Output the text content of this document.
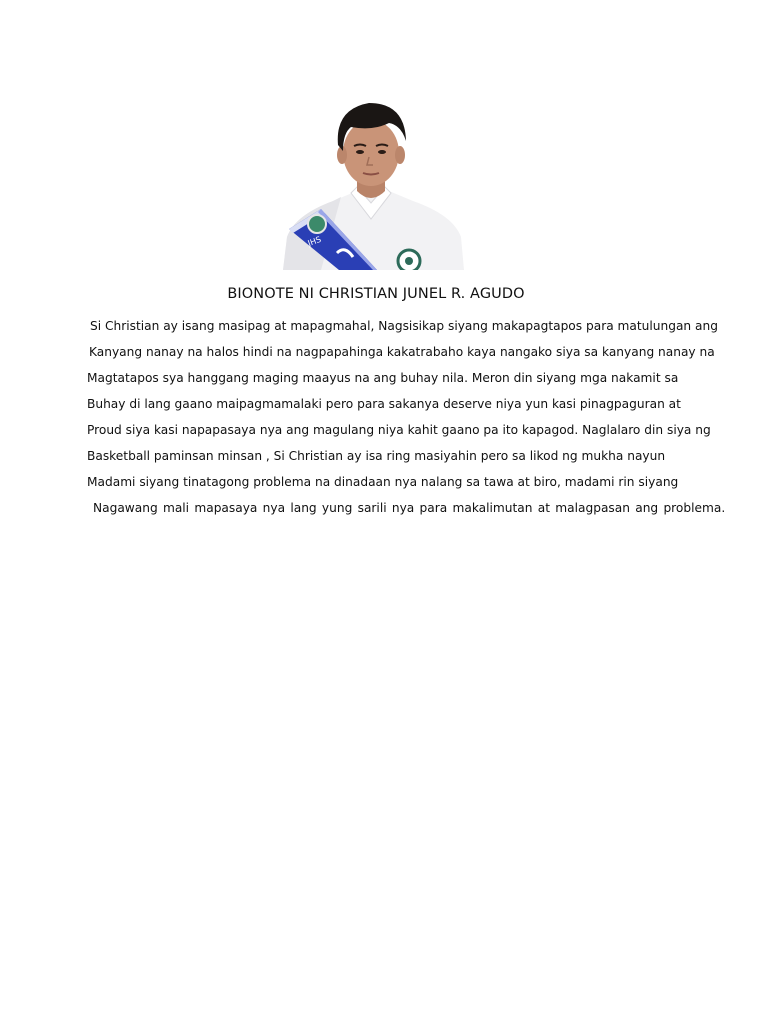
JHS
BIONOTE NI CHRISTIAN JUNEL R. AGUDO
Si Christian ay isang masipag at mapagmahal, Nagsisikap siyang makapagtapos para matulungan ang
Kanyang nanay na halos hindi na nagpapahinga kakatrabaho kaya nangako siya sa kanyang nanay na
Magtatapos sya hanggang maging maayus na ang buhay nila. Meron din siyang mga nakamit sa
Buhay di lang gaano maipagmamalaki pero para sakanya deserve niya yun kasi pinagpaguran at
Proud siya kasi napapasaya nya ang magulang niya kahit gaano pa ito kapagod. Naglalaro din siya ng
Basketball paminsan minsan , Si Christian ay isa ring masiyahin pero sa likod ng mukha nayun
Madami siyang tinatagong problema na dinadaan nya nalang sa tawa at biro, madami rin siyang
Nagawang mali mapasaya nya lang yung sarili nya para makalimutan at malagpasan ang problema.
